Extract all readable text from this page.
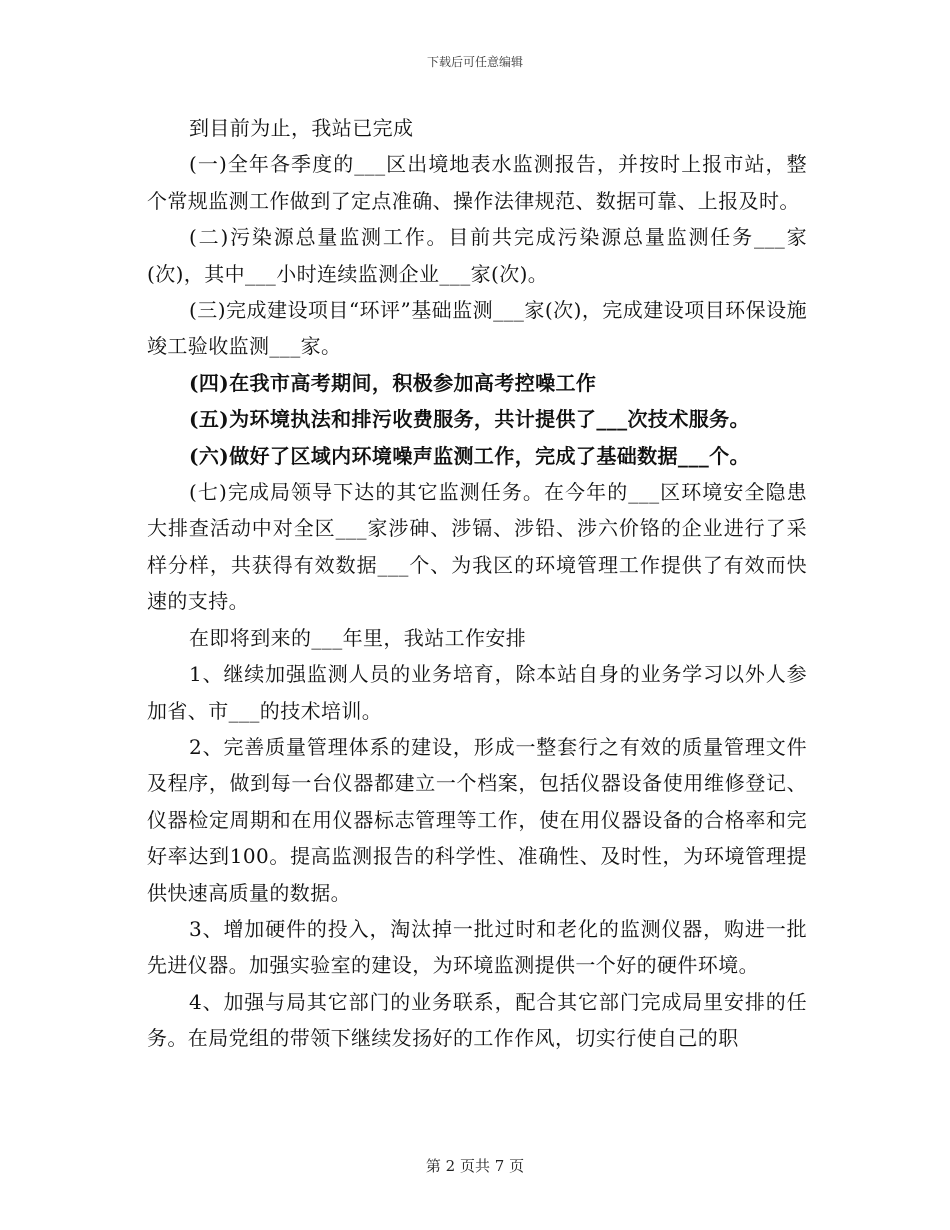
下载后可任意编辑

到目前为止，我站已完成

(一)全年各季度的___区出境地表水监测报告，并按时上报市站，整个常规监测工作做到了定点准确、操作法律规范、数据可靠、上报及时。

(二)污染源总量监测工作。目前共完成污染源总量监测任务___家(次)，其中___小时连续监测企业___家(次)。

(三)完成建设项目“环评”基础监测___家(次)，完成建设项目环保设施竣工验收监测___家。

(四)在我市高考期间，积极参加高考控噪工作

(五)为环境执法和排污收费服务，共计提供了___次技术服务。

(六)做好了区域内环境噪声监测工作，完成了基础数据___个。

(七)完成局领导下达的其它监测任务。在今年的___区环境安全隐患大排查活动中对全区___家涉砷、涉镉、涉铅、涉六价铬的企业进行了采样分样，共获得有效数据___个、为我区的环境管理工作提供了有效而快速的支持。

在即将到来的___年里，我站工作安排

1、继续加强监测人员的业务培育，除本站自身的业务学习以外人参加省、市___的技术培训。

2、完善质量管理体系的建设，形成一整套行之有效的质量管理文件及程序，做到每一台仪器都建立一个档案，包括仪器设备使用维修登记、仪器检定周期和在用仪器标志管理等工作，使在用仪器设备的合格率和完好率达到100。提高监测报告的科学性、准确性、及时性，为环境管理提供快速高质量的数据。

3、增加硬件的投入，淘汰掉一批过时和老化的监测仪器，购进一批先进仪器。加强实验室的建设，为环境监测提供一个好的硬件环境。

4、加强与局其它部门的业务联系，配合其它部门完成局里安排的任务。在局党组的带领下继续发扬好的工作作风，切实行使自己的职

第 2 页共 7 页
